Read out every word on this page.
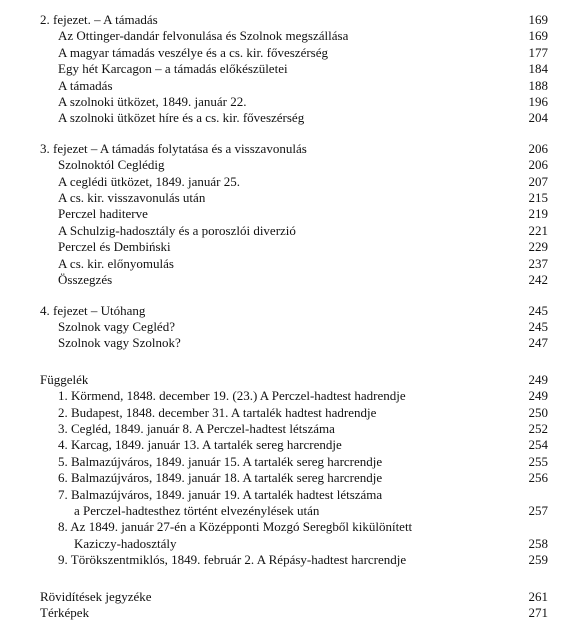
2. fejezet. – A támadás	169
Az Ottinger-dandár felvonulása és Szolnok megszállása	169
A magyar támadás veszélye és a cs. kir. főveszérség	177
Egy hét Karcagon – a támadás előkészületei	184
A támadás	188
A szolnoki ütközet, 1849. január 22.	196
A szolnoki ütközet híre és a cs. kir. főveszérség	204
3. fejezet – A támadás folytatása és a visszavonulás	206
Szolnoktól Ceglédig	206
A ceglédi ütközet, 1849. január 25.	207
A cs. kir. visszavonulás után	215
Perczel haditerve	219
A Schulzig-hadosztály és a poroszlói diverzió	221
Perczel és Dembiński	229
A cs. kir. előnyomulás	237
Összegzés	242
4. fejezet – Utóhang	245
Szolnok vagy Cegléd?	245
Szolnok vagy Szolnok?	247
Függelék	249
1. Körmend, 1848. december 19. (23.) A Perczel-hadtest hadrendje	249
2. Budapest, 1848. december 31. A tartalék hadtest hadrendje	250
3. Cegléd, 1849. január 8. A Perczel-hadtest létszáma	252
4. Karcag, 1849. január 13. A tartalék sereg harcrendje	254
5. Balmazújváros, 1849. január 15. A tartalék sereg harcrendje	255
6. Balmazújváros, 1849. január 18. A tartalék sereg harcrendje	256
7. Balmazújváros, 1849. január 19. A tartalék hadtest létszáma
a Perczel-hadtesthez történt elvezénylések után	257
8. Az 1849. január 27-én a Középponti Mozgó Seregből kikülönített
Kaziczy-hadosztály	258
9. Törökszentmiklós, 1849. február 2. A Répásy-hadtest harcrendje	259
Rövidítések jegyzéke	261
Térképek	271
